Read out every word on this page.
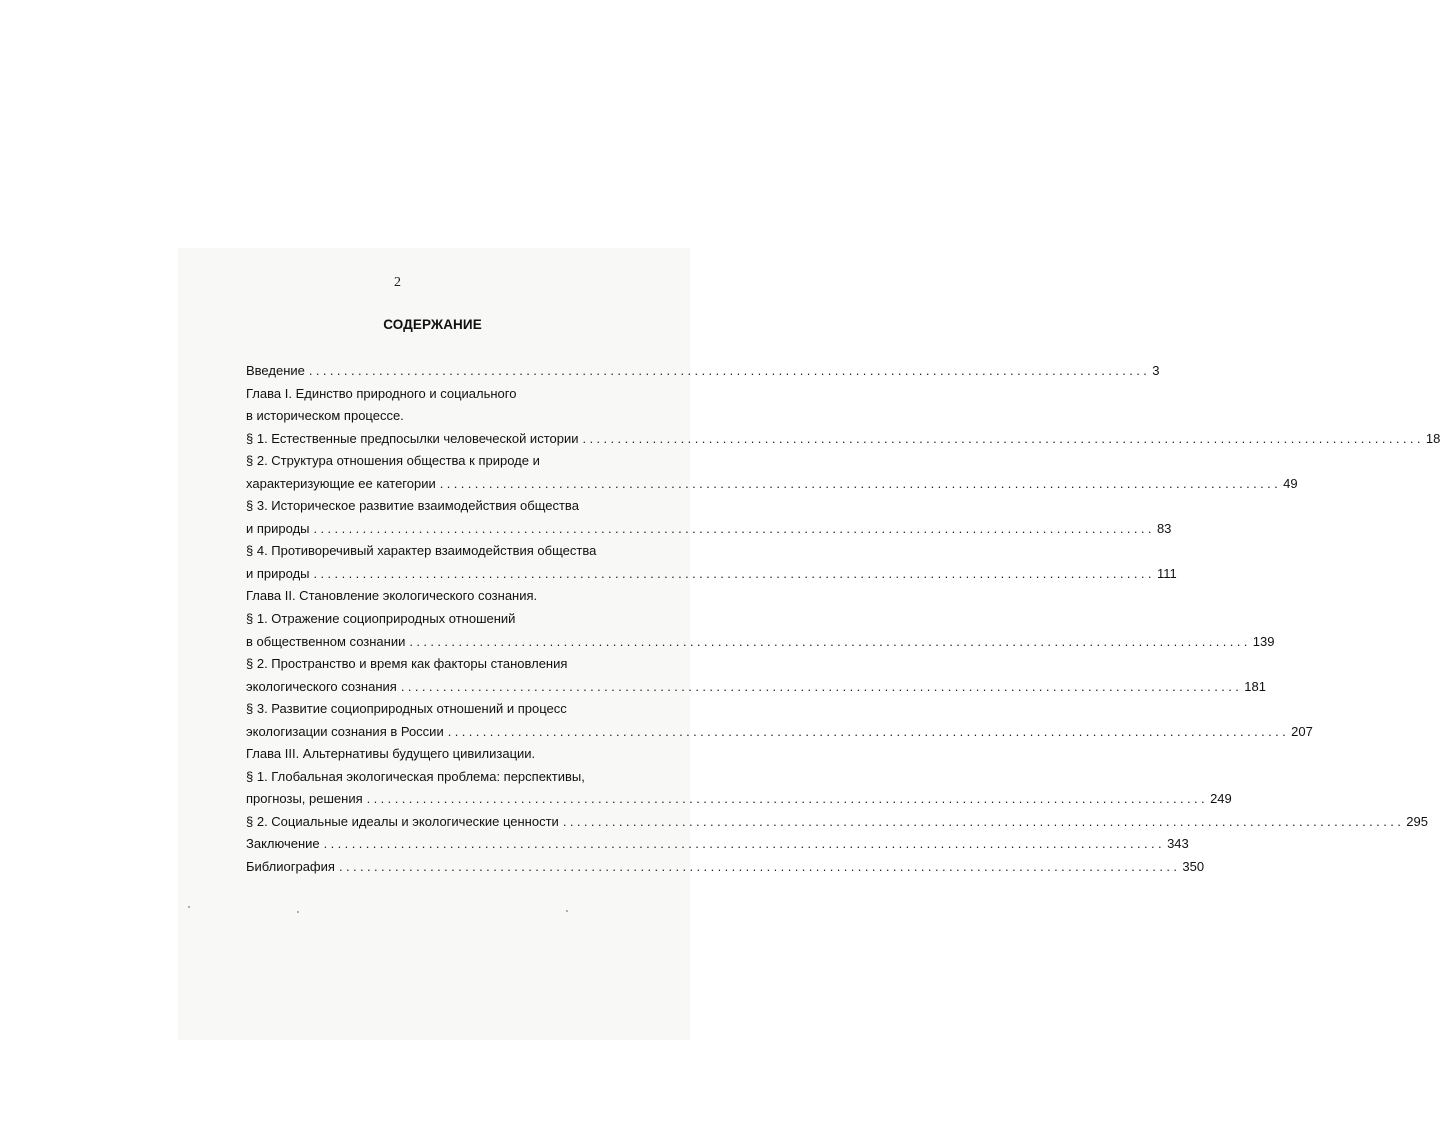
2
СОДЕРЖАНИЕ
Введение ........................................................................................................................ 3
Глава I. Единство природного и социального
в историческом процессе.
§ 1. Естественные предпосылки человеческой истории ........................................................................................................................ 18
§ 2. Структура отношения общества к природе и
характеризующие ее категории ........................................................................................................................ 49
§ 3. Историческое развитие взаимодействия общества
и природы ........................................................................................................................ 83
§ 4. Противоречивый характер взаимодействия общества
и природы ........................................................................................................................ 111
Глава II. Становление экологического сознания.
§ 1. Отражение социоприродных отношений
в общественном сознании ........................................................................................................................ 139
§ 2. Пространство и время как факторы становления
экологического сознания ........................................................................................................................ 181
§ 3. Развитие социоприродных отношений и процесс
экологизации сознания в России ........................................................................................................................ 207
Глава III. Альтернативы будущего цивилизации.
§ 1. Глобальная экологическая проблема: перспективы,
прогнозы, решения ........................................................................................................................ 249
§ 2. Социальные идеалы и экологические ценности ........................................................................................................................ 295
Заключение ........................................................................................................................ 343
Библиография ........................................................................................................................ 350
